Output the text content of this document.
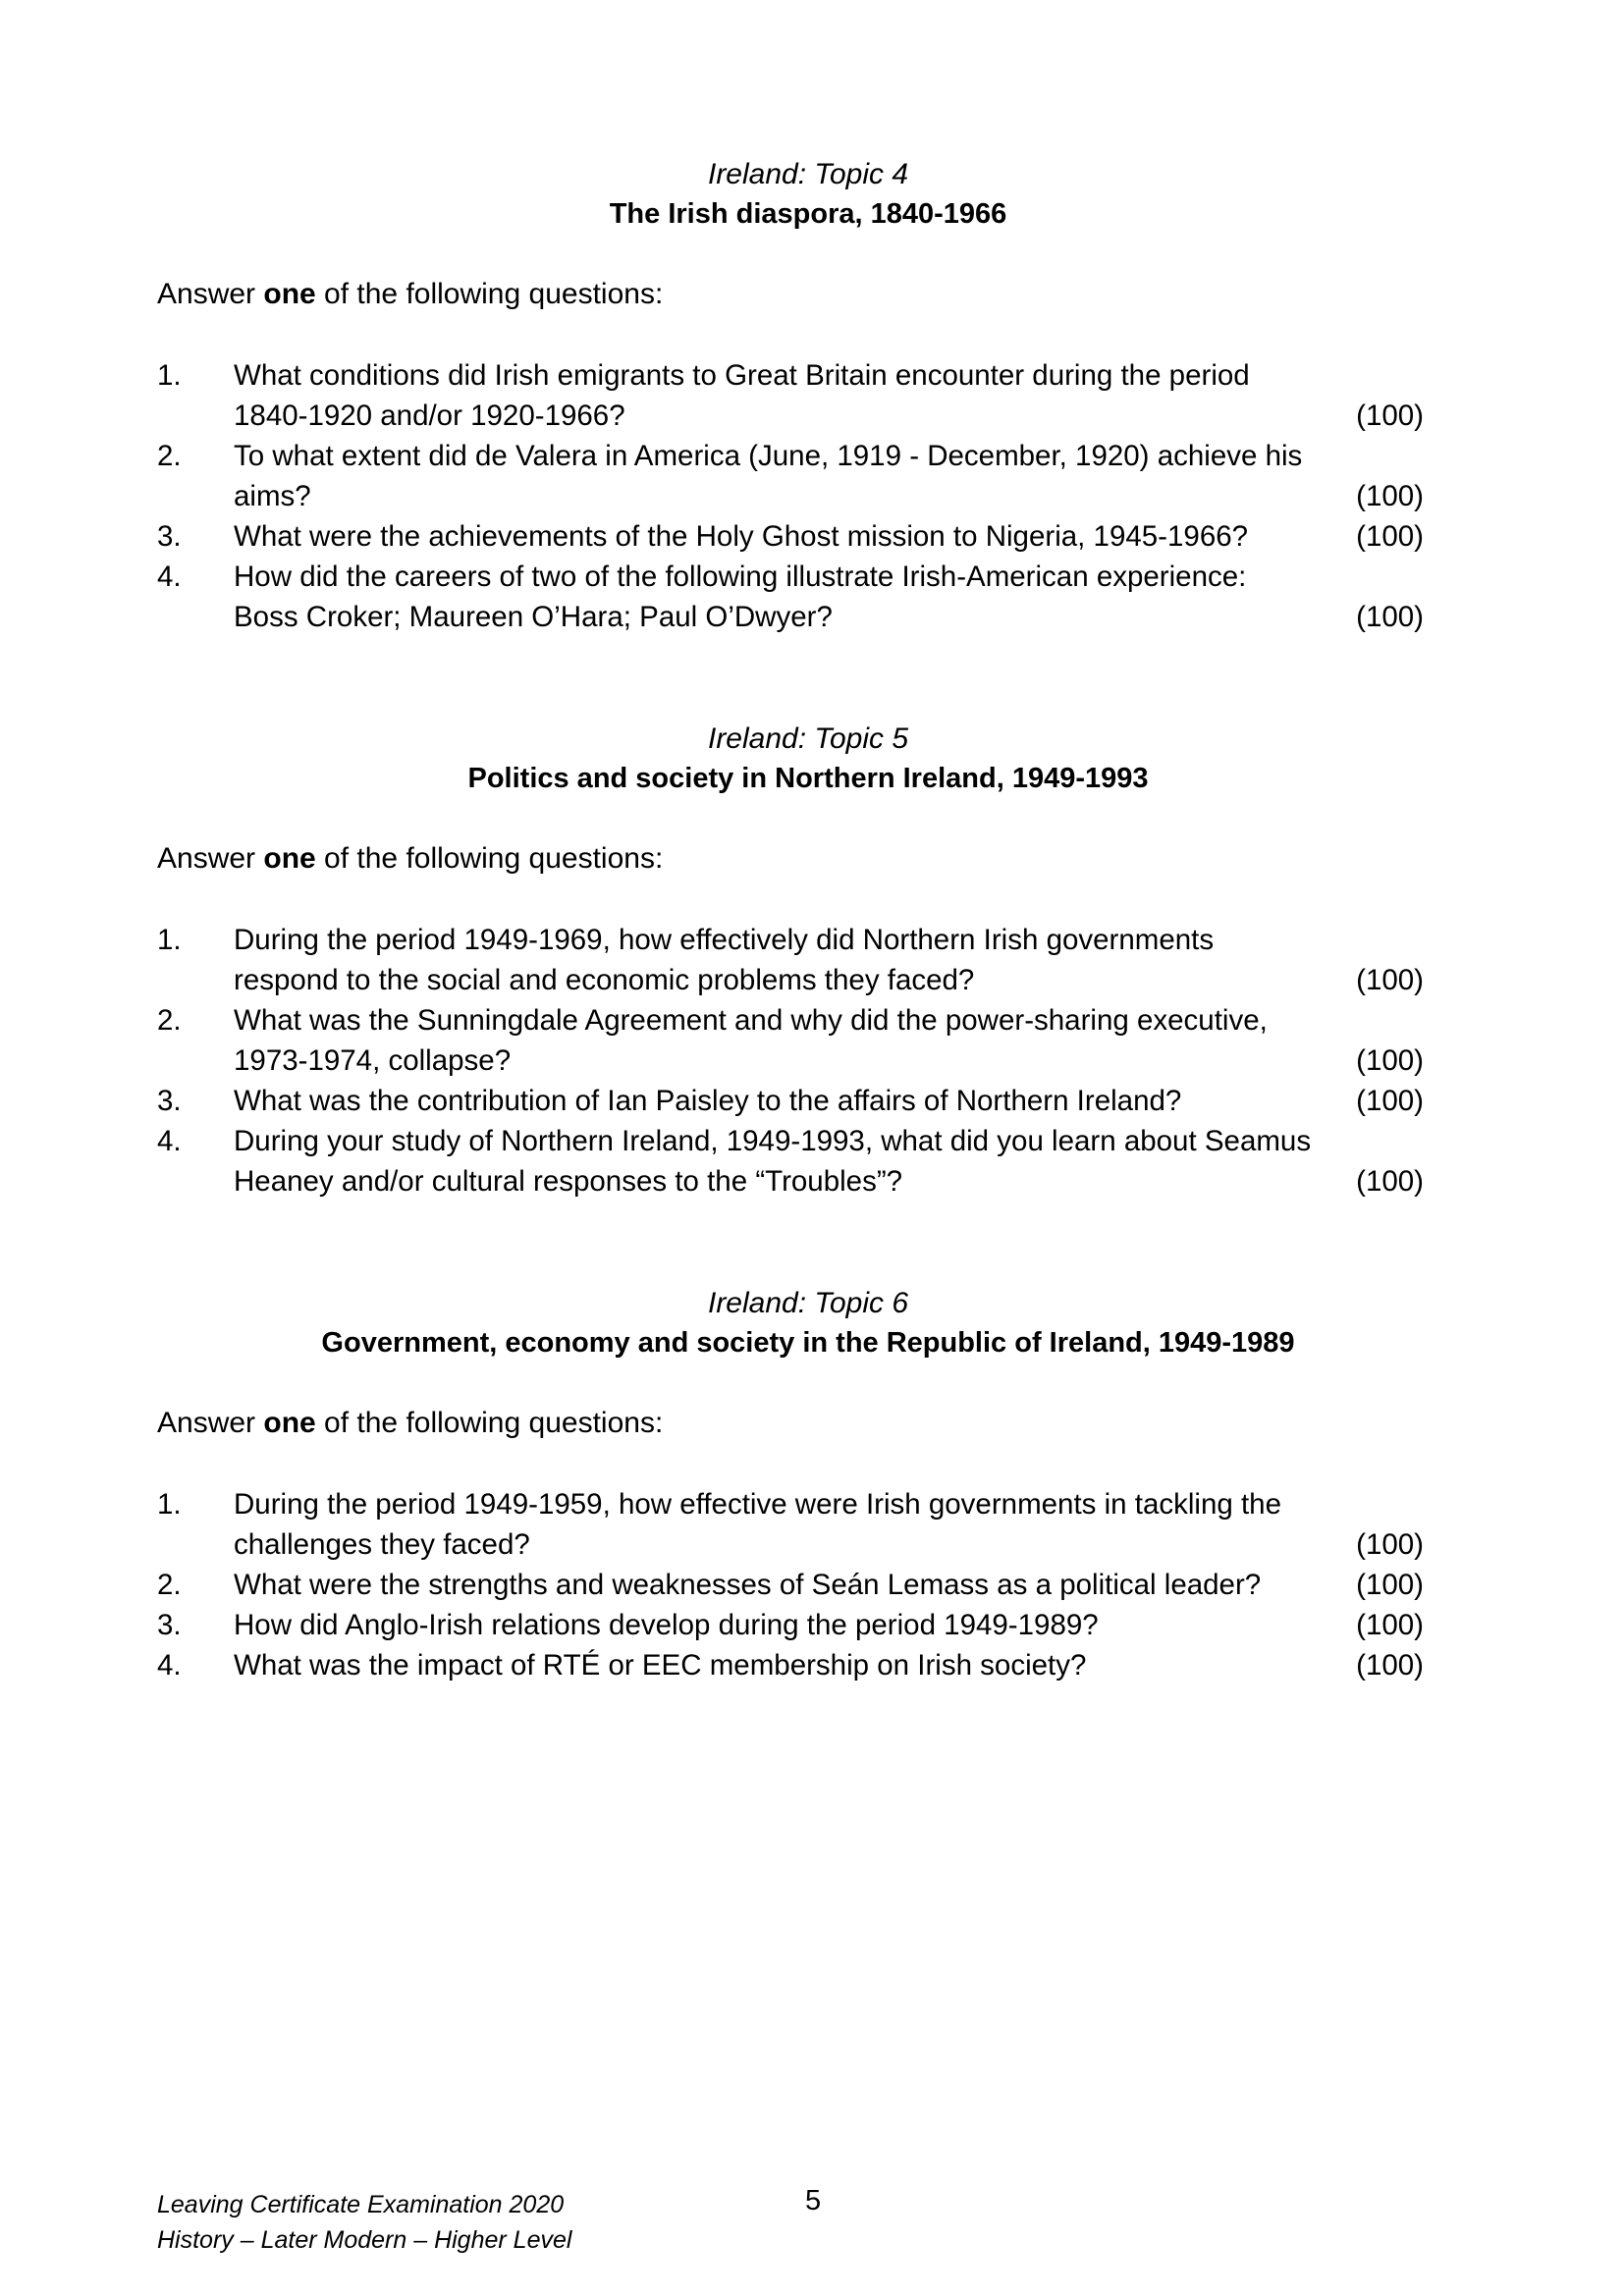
Ireland: Topic 4

The Irish diaspora, 1840-1966

Answer one of the following questions:

1.	What conditions did Irish emigrants to Great Britain encounter during the period 1840-1920 and/or 1920-1966?	(100)
2.	To what extent did de Valera in America (June, 1919 - December, 1920) achieve his aims?	(100)
3.	What were the achievements of the Holy Ghost mission to Nigeria, 1945-1966?	(100)
4.	How did the careers of two of the following illustrate Irish-American experience: Boss Croker; Maureen O’Hara; Paul O’Dwyer?	(100)

Ireland: Topic 5

Politics and society in Northern Ireland, 1949-1993

Answer one of the following questions:

1.	During the period 1949-1969, how effectively did Northern Irish governments respond to the social and economic problems they faced?	(100)
2.	What was the Sunningdale Agreement and why did the power-sharing executive, 1973-1974, collapse?	(100)
3.	What was the contribution of Ian Paisley to the affairs of Northern Ireland?	(100)
4.	During your study of Northern Ireland, 1949-1993, what did you learn about Seamus Heaney and/or cultural responses to the “Troubles”?	(100)

Ireland: Topic 6

Government, economy and society in the Republic of Ireland, 1949-1989

Answer one of the following questions:

1.	During the period 1949-1959, how effective were Irish governments in tackling the challenges they faced?	(100)
2.	What were the strengths and weaknesses of Seán Lemass as a political leader?	(100)
3.	How did Anglo-Irish relations develop during the period 1949-1989?	(100)
4.	What was the impact of RTÉ or EEC membership on Irish society?	(100)
Leaving Certificate Examination 2020
History – Later Modern – Higher Level
5
